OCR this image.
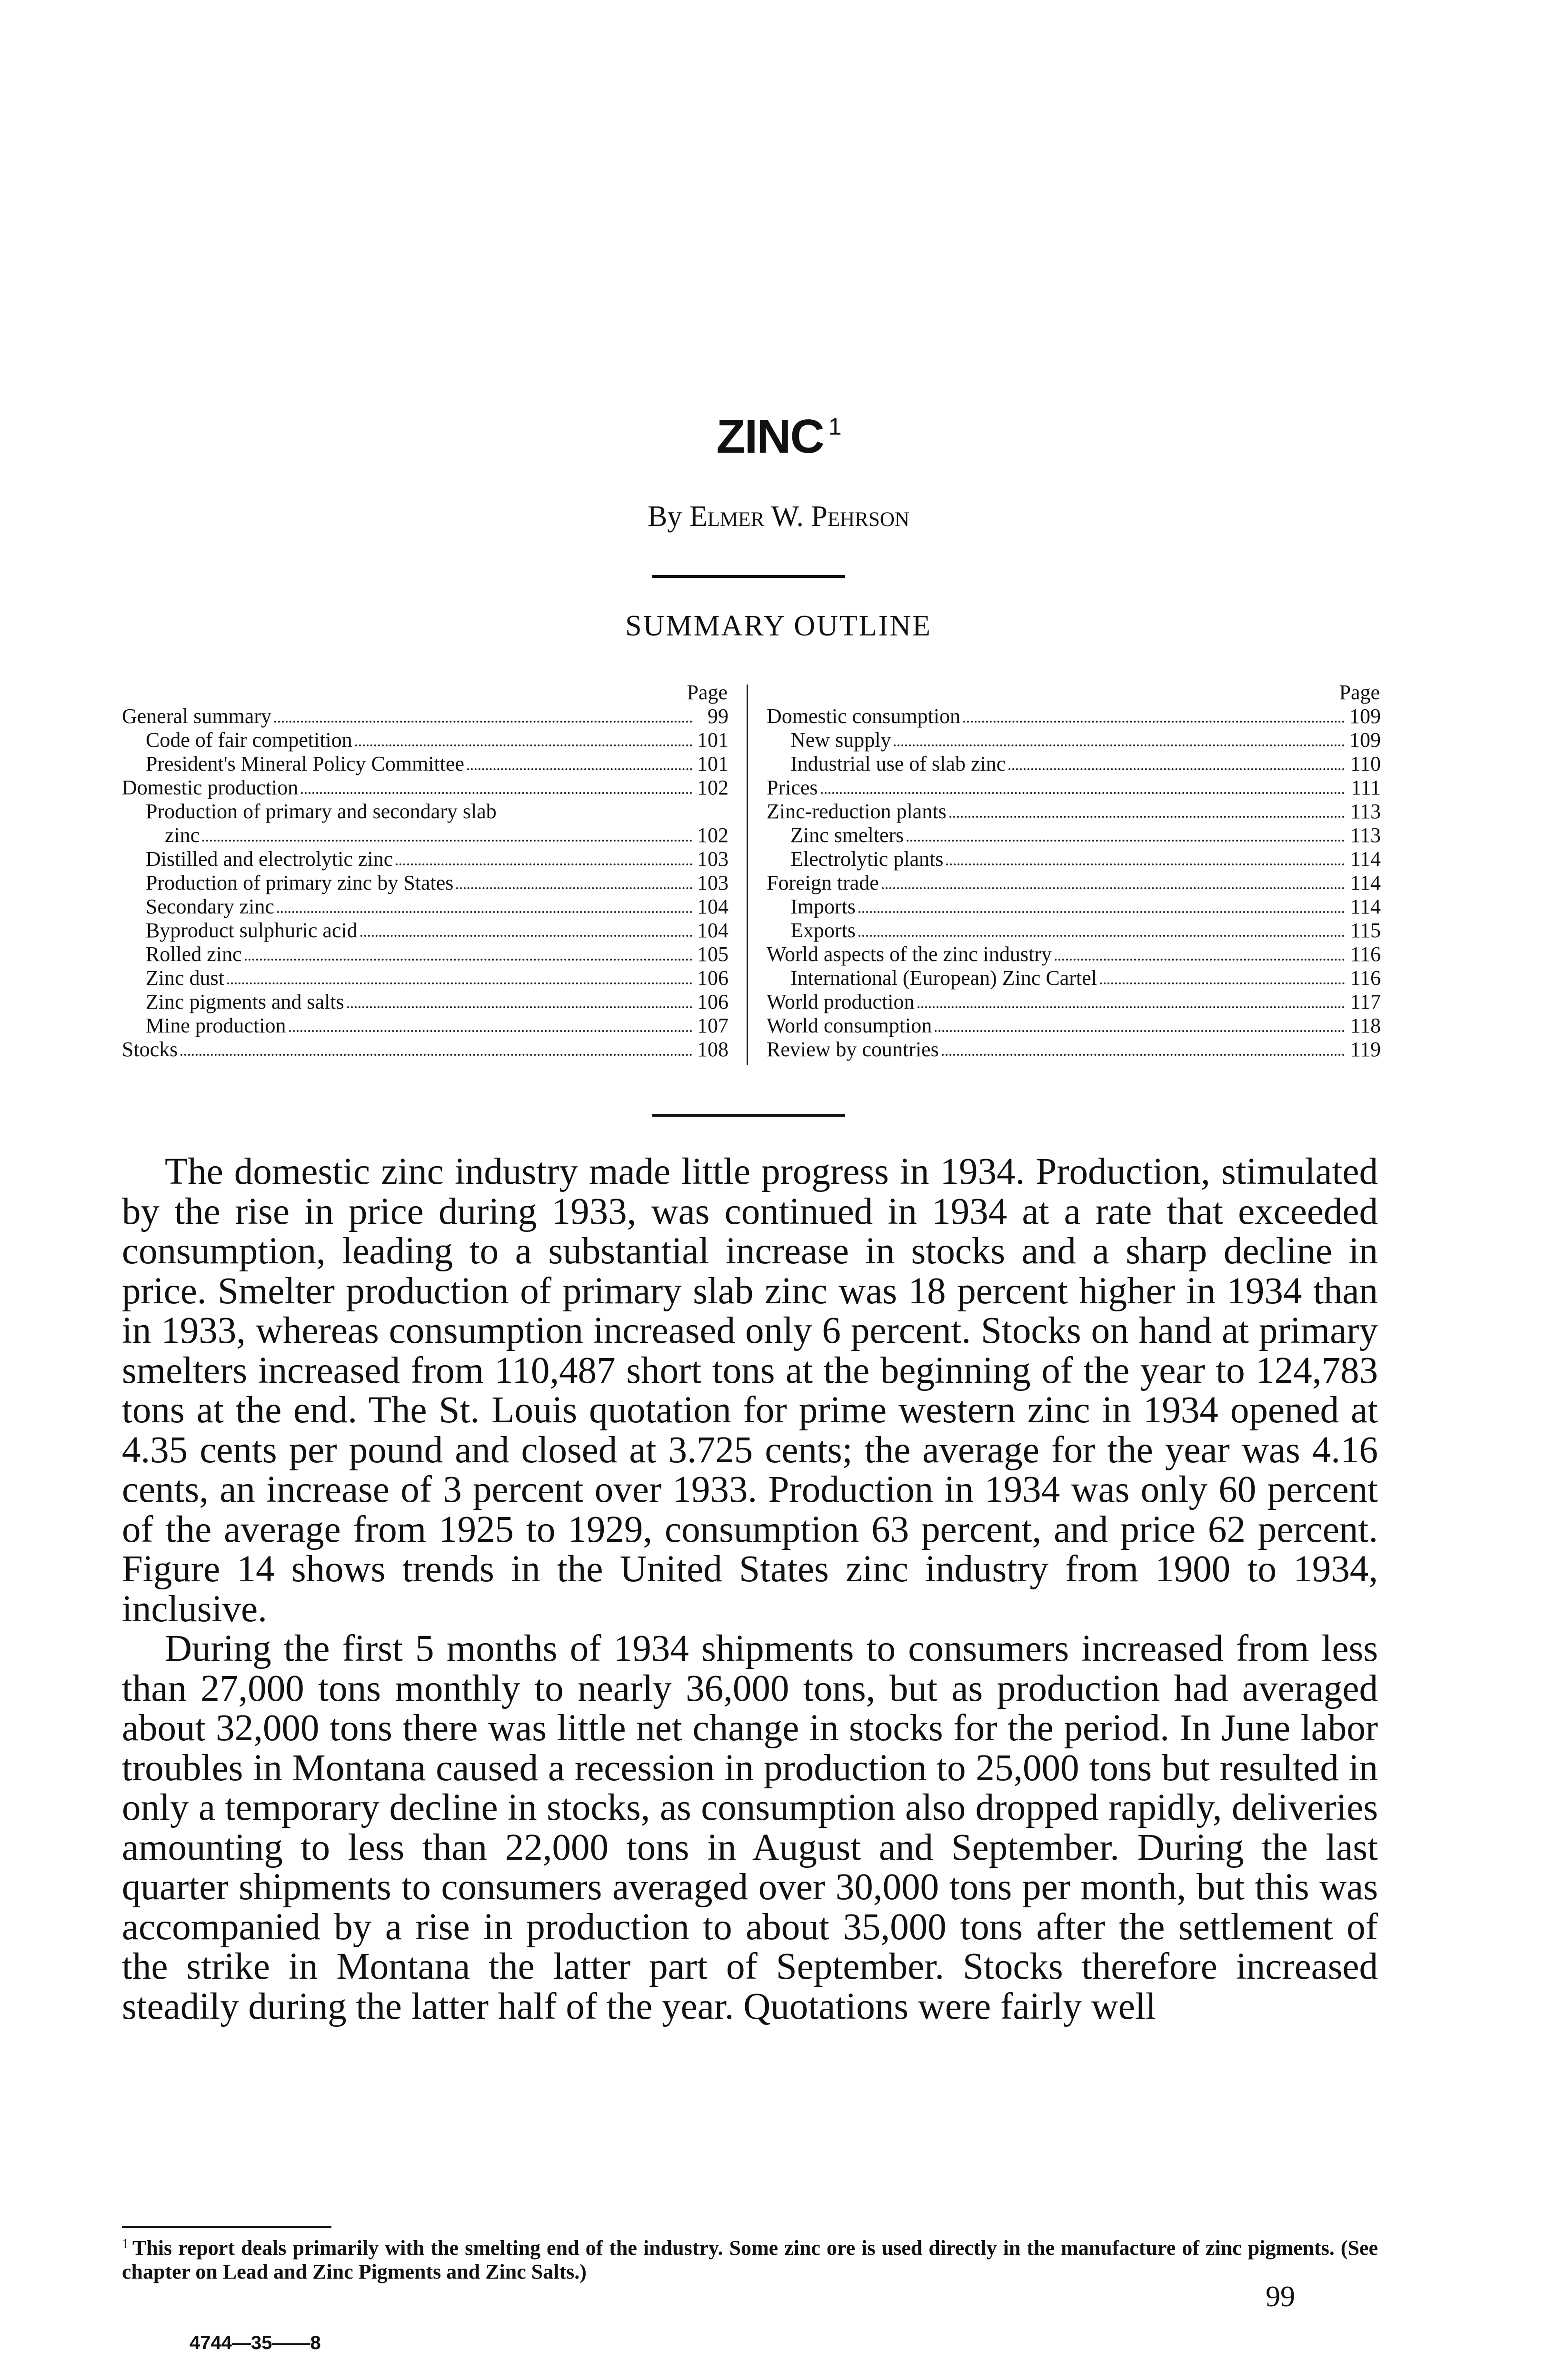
ZINC $^1$
By Elmer W. Pehrson
SUMMARY OUTLINE
Page
General summary	99
Code of fair competition	101
President's Mineral Policy Committee	101
Domestic production	102
Production of primary and secondary slab
zinc	102
Distilled and electrolytic zinc	103
Production of primary zinc by States	103
Secondary zinc	104
Byproduct sulphuric acid	104
Rolled zinc	105
Zinc dust	106
Zinc pigments and salts	106
Mine production	107
Stocks	108
Page
Domestic consumption	109
New supply	109
Industrial use of slab zinc	110
Prices	111
Zinc-reduction plants	113
Zinc smelters	113
Electrolytic plants	114
Foreign trade	114
Imports	114
Exports	115
World aspects of the zinc industry	116
International (European) Zinc Cartel	116
World production	117
World consumption	118
Review by countries	119

The domestic zinc industry made little progress in 1934. Production, stimulated by the rise in price during 1933, was continued in 1934 at a rate that exceeded consumption, leading to a substantial increase in stocks and a sharp decline in price. Smelter production of primary slab zinc was 18 percent higher in 1934 than in 1933, whereas consumption increased only 6 percent. Stocks on hand at primary smelters increased from 110,487 short tons at the beginning of the year to 124,783 tons at the end. The St. Louis quotation for prime western zinc in 1934 opened at 4.35 cents per pound and closed at 3.725 cents; the average for the year was 4.16 cents, an increase of 3 percent over 1933. Production in 1934 was only 60 percent of the average from 1925 to 1929, consumption 63 percent, and price 62 percent. Figure 14 shows trends in the United States zinc industry from 1900 to 1934, inclusive.

During the first 5 months of 1934 shipments to consumers increased from less than 27,000 tons monthly to nearly 36,000 tons, but as production had averaged about 32,000 tons there was little net change in stocks for the period. In June labor troubles in Montana caused a recession in production to 25,000 tons but resulted in only a temporary decline in stocks, as consumption also dropped rapidly, deliveries amounting to less than 22,000 tons in August and September. During the last quarter shipments to consumers averaged over 30,000 tons per month, but this was accompanied by a rise in production to about 35,000 tons after the settlement of the strike in Montana the latter part of September. Stocks therefore increased steadily during the latter half of the year. Quotations were fairly well

$^1$ This report deals primarily with the smelting end of the industry. Some zinc ore is used directly in the manufacture of zinc pigments. (See chapter on Lead and Zinc Pigments and Zinc Salts.)
99
4744—35——8
